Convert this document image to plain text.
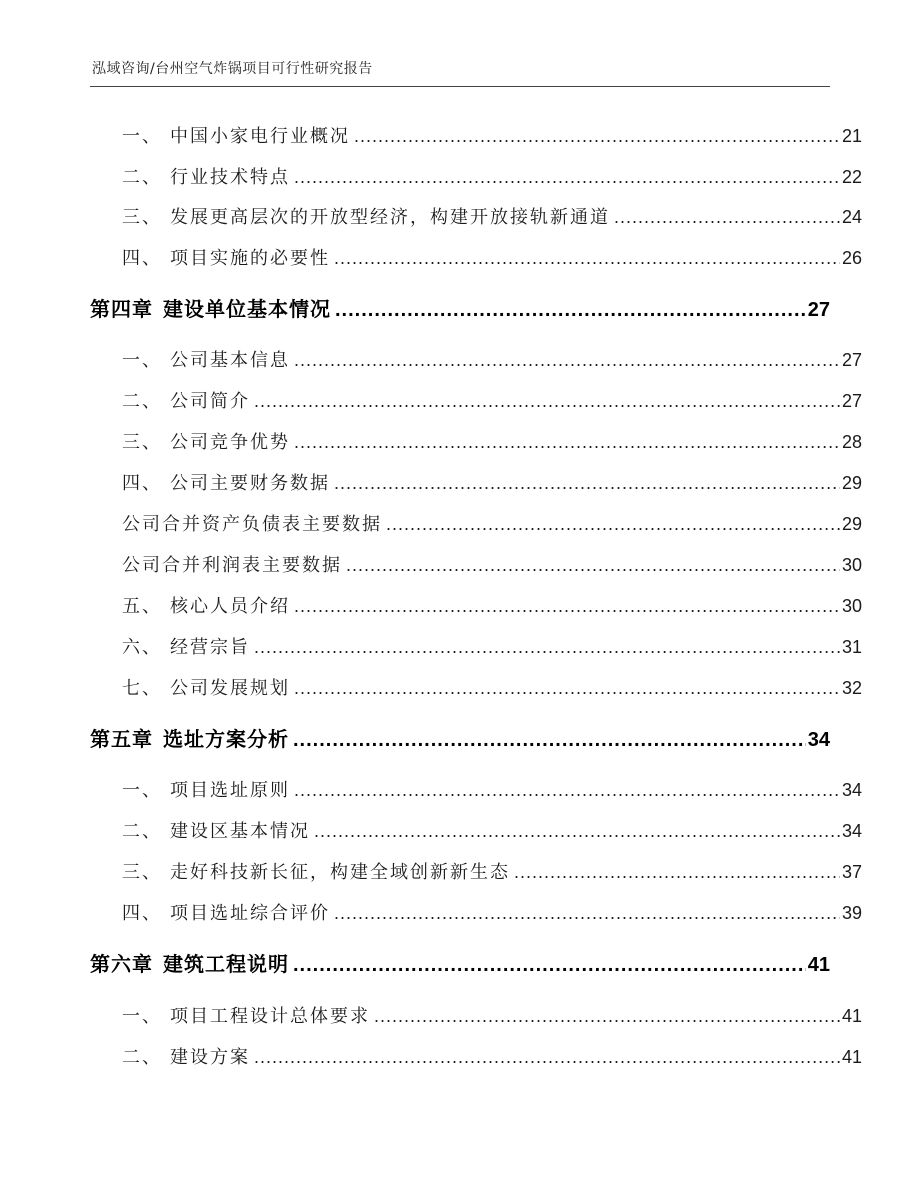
泓域咨询/台州空气炸锅项目可行性研究报告
一、 中国小家电行业概况 .....	21
二、 行业技术特点 .....	22
三、 发展更高层次的开放型经济，构建开放接轨新通道 .....	24
四、 项目实施的必要性 .....	26
第四章 建设单位基本情况 .....	27
一、 公司基本信息 .....	27
二、 公司简介 .....	27
三、 公司竞争优势 .....	28
四、 公司主要财务数据 .....	29
公司合并资产负债表主要数据 .....	29
公司合并利润表主要数据 .....	30
五、 核心人员介绍 .....	30
六、 经营宗旨 .....	31
七、 公司发展规划 .....	32
第五章 选址方案分析 .....	34
一、 项目选址原则 .....	34
二、 建设区基本情况 .....	34
三、 走好科技新长征，构建全域创新新生态 .....	37
四、 项目选址综合评价 .....	39
第六章 建筑工程说明 .....	41
一、 项目工程设计总体要求 .....	41
二、 建设方案 .....	41
